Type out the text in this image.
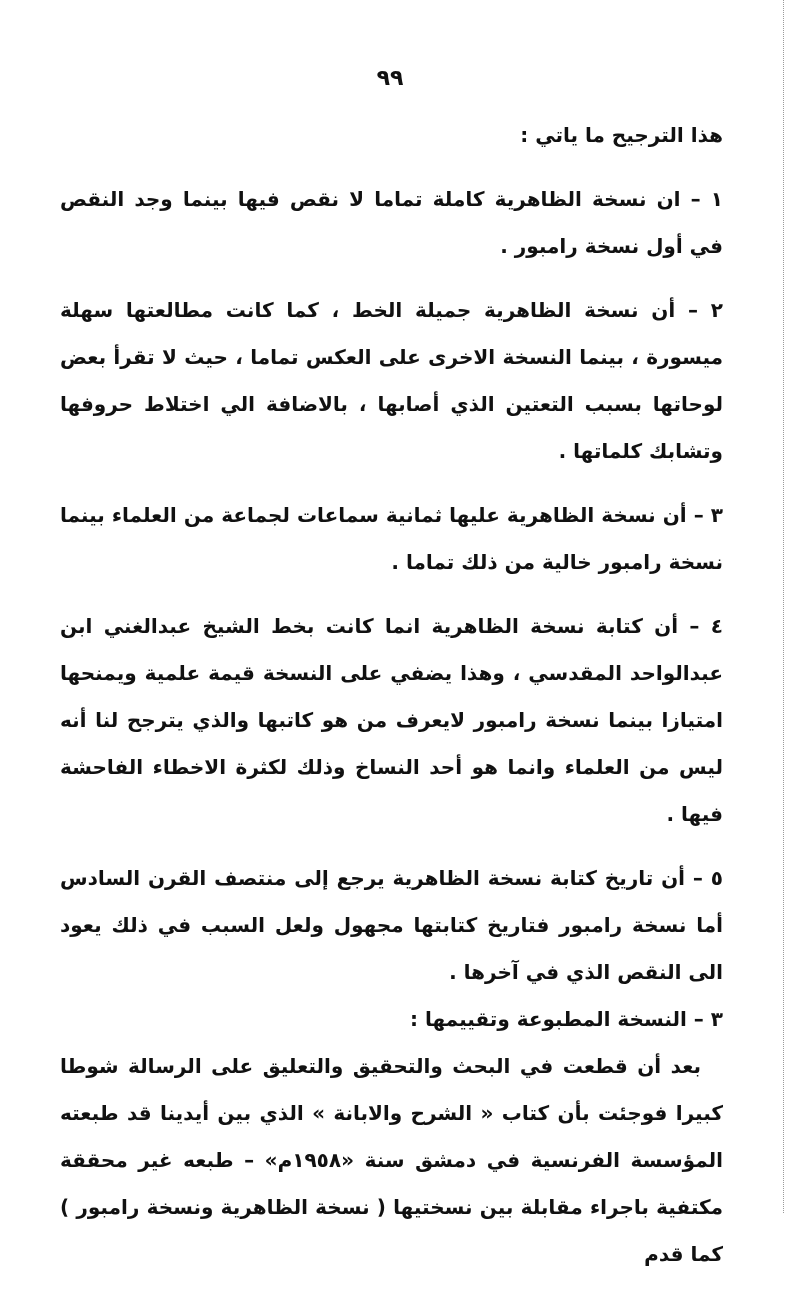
٩٩

هذا الترجيح ما ياتي :

١ – ان نسخة الظاهرية كاملة تماما لا نقص فيها بينما وجد النقص في أول نسخة رامبور .

٢ – أن نسخة الظاهرية جميلة الخط ، كما كانت مطالعتها سهلة ميسورة ، بينما النسخة الاخرى على العكس تماما ، حيث لا تقرأ بعض لوحاتها بسبب التعتين الذي أصابها ، بالاضافة الي اختلاط حروفها وتشابك كلماتها .

٣ – أن نسخة الظاهرية عليها ثمانية سماعات لجماعة من العلماء بينما نسخة رامبور خالية من ذلك تماما .

٤ – أن كتابة نسخة الظاهرية انما كانت بخط الشيخ عبدالغني ابن عبدالواحد المقدسي ، وهذا يضفي على النسخة قيمة علمية ويمنحها امتيازا بينما نسخة رامبور لايعرف من هو كاتبها والذي يترجح لنا أنه ليس من العلماء وانما هو أحد النساخ وذلك لكثرة الاخطاء الفاحشة فيها .

٥ – أن تاريخ كتابة نسخة الظاهرية يرجع إلى منتصف القرن السادس أما نسخة رامبور فتاريخ كتابتها مجهول ولعل السبب في ذلك يعود الى النقص الذي في آخرها .

٣ – النسخة المطبوعة وتقييمها :

بعد أن قطعت في البحث والتحقيق والتعليق على الرسالة شوطا كبيرا فوجئت بأن كتاب « الشرح والابانة » الذي بين أيدينا قد طبعته المؤسسة الفرنسية في دمشق سنة «١٩٥٨م» – طبعه غير محققة مكتفية باجراء مقابلة بين نسختيها ( نسخة الظاهرية ونسخة رامبور ) كما قدم
